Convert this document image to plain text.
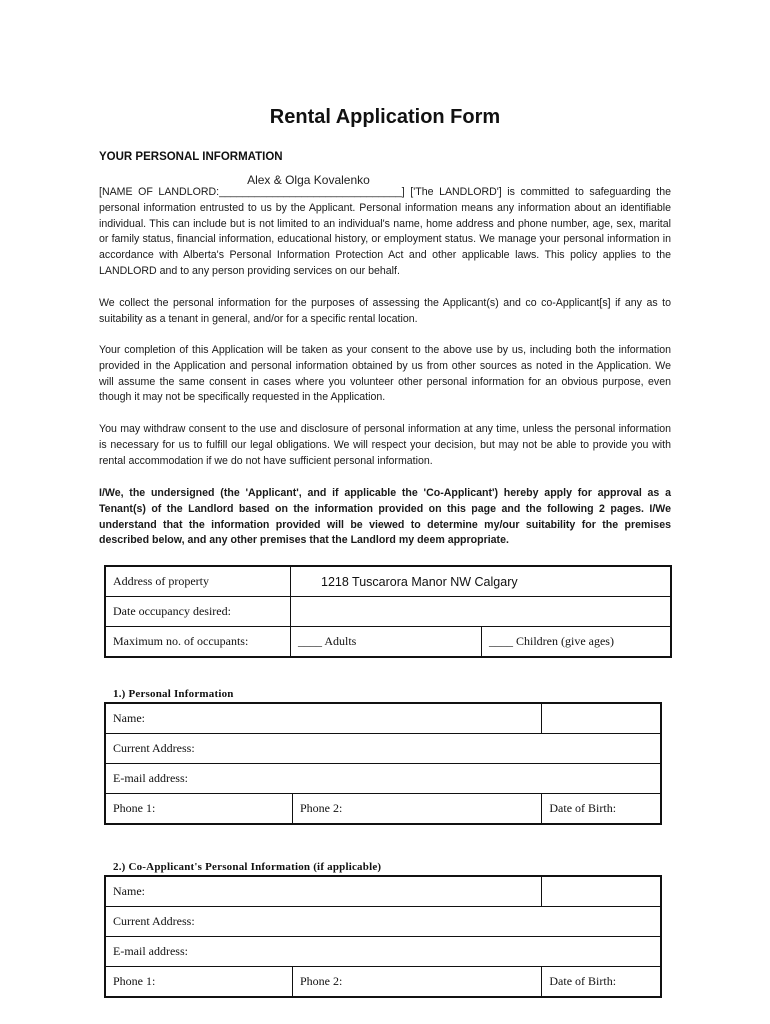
Rental Application Form
YOUR PERSONAL INFORMATION
[NAME OF LANDLORD:_______________________________
Alex & Olga Kovalenko
] ['The LANDLORD'] is committed to safeguarding the personal information entrusted to us by the Applicant. Personal information means any information about an identifiable individual. This can include but is not limited to an individual's name, home address and phone number, age, sex, marital or family status, financial information, educational history, or employment status. We manage your personal information in accordance with Alberta's Personal Information Protection Act and other applicable laws. This policy applies to the LANDLORD and to any person providing services on our behalf.
We collect the personal information for the purposes of assessing the Applicant(s) and co co-Applicant[s] if any as to suitability as a tenant in general, and/or for a specific rental location.
Your completion of this Application will be taken as your consent to the above use by us, including both the information provided in the Application and personal information obtained by us from other sources as noted in the Application. We will assume the same consent in cases where you volunteer other personal information for an obvious purpose, even though it may not be specifically requested in the Application.
You may withdraw consent to the use and disclosure of personal information at any time, unless the personal information is necessary for us to fulfill our legal obligations. We will respect your decision, but may not be able to provide you with rental accommodation if we do not have sufficient personal information.
I/We, the undersigned (the 'Applicant', and if applicable the 'Co-Applicant') hereby apply for approval as a Tenant(s) of the Landlord based on the information provided on this page and the following 2 pages. I/We understand that the information provided will be viewed to determine my/our suitability for the premises described below, and any other premises that the Landlord my deem appropriate.
Address of property	1218 Tuscarora Manor NW Calgary	
Date occupancy desired:		
Maximum no. of occupants:	____ Adults	____ Children (give ages)
1.) Personal Information
Name:		
Current Address:		
E-mail address:		
Phone 1:	Phone 2:	Date of Birth:
2.) Co-Applicant's Personal Information (if applicable)
Name:		
Current Address:		
E-mail address:		
Phone 1:	Phone 2:	Date of Birth:
